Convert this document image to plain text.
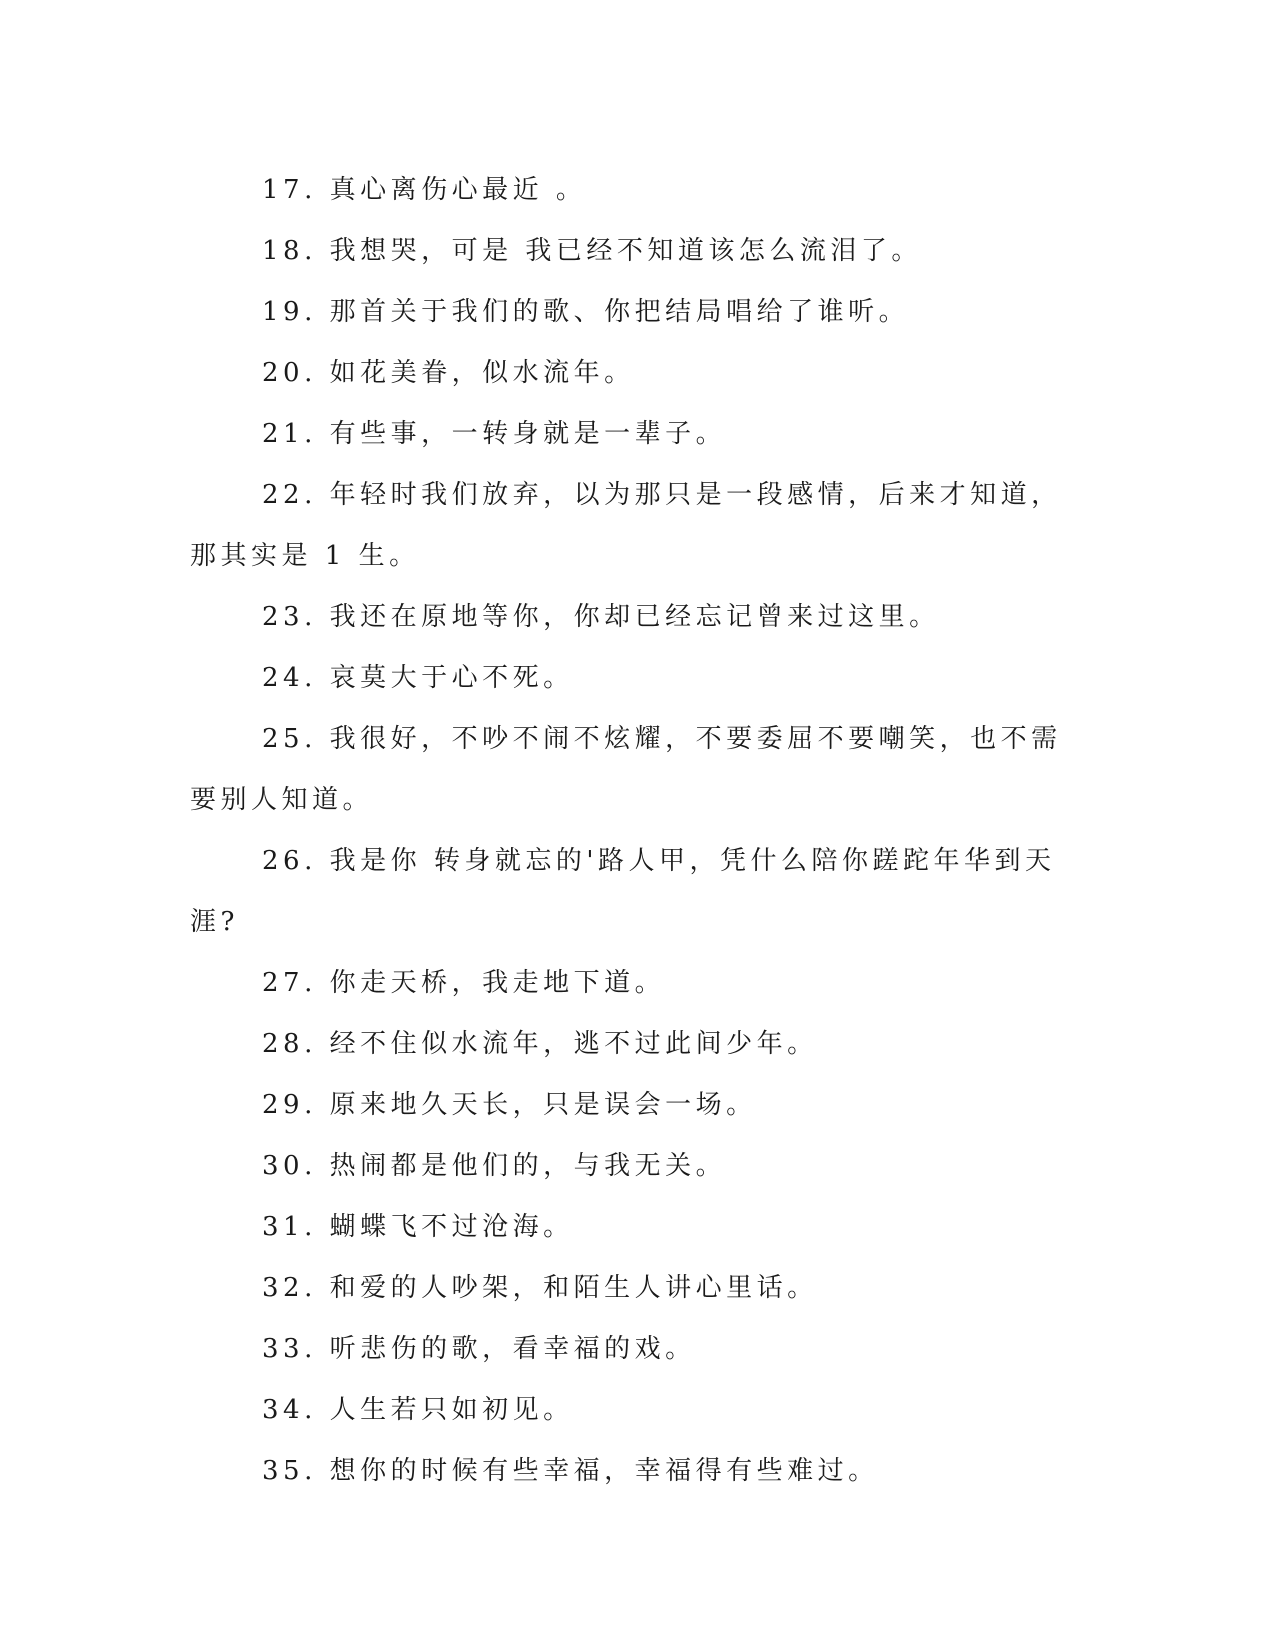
17. 真心离伤心最近 。

18. 我想哭，可是 我已经不知道该怎么流泪了。

19. 那首关于我们的歌、你把结局唱给了谁听。

20. 如花美眷，似水流年。

21. 有些事，一转身就是一辈子。

22. 年轻时我们放弃，以为那只是一段感情，后来才知道，那其实是 1 生。

23. 我还在原地等你，你却已经忘记曾来过这里。

24. 哀莫大于心不死。

25. 我很好，不吵不闹不炫耀，不要委屈不要嘲笑，也不需要别人知道。

26. 我是你 转身就忘的'路人甲，凭什么陪你蹉跎年华到天涯?

27. 你走天桥，我走地下道。

28. 经不住似水流年，逃不过此间少年。

29. 原来地久天长，只是误会一场。

30. 热闹都是他们的，与我无关。

31. 蝴蝶飞不过沧海。

32. 和爱的人吵架，和陌生人讲心里话。

33. 听悲伤的歌，看幸福的戏。

34. 人生若只如初见。

35. 想你的时候有些幸福，幸福得有些难过。
